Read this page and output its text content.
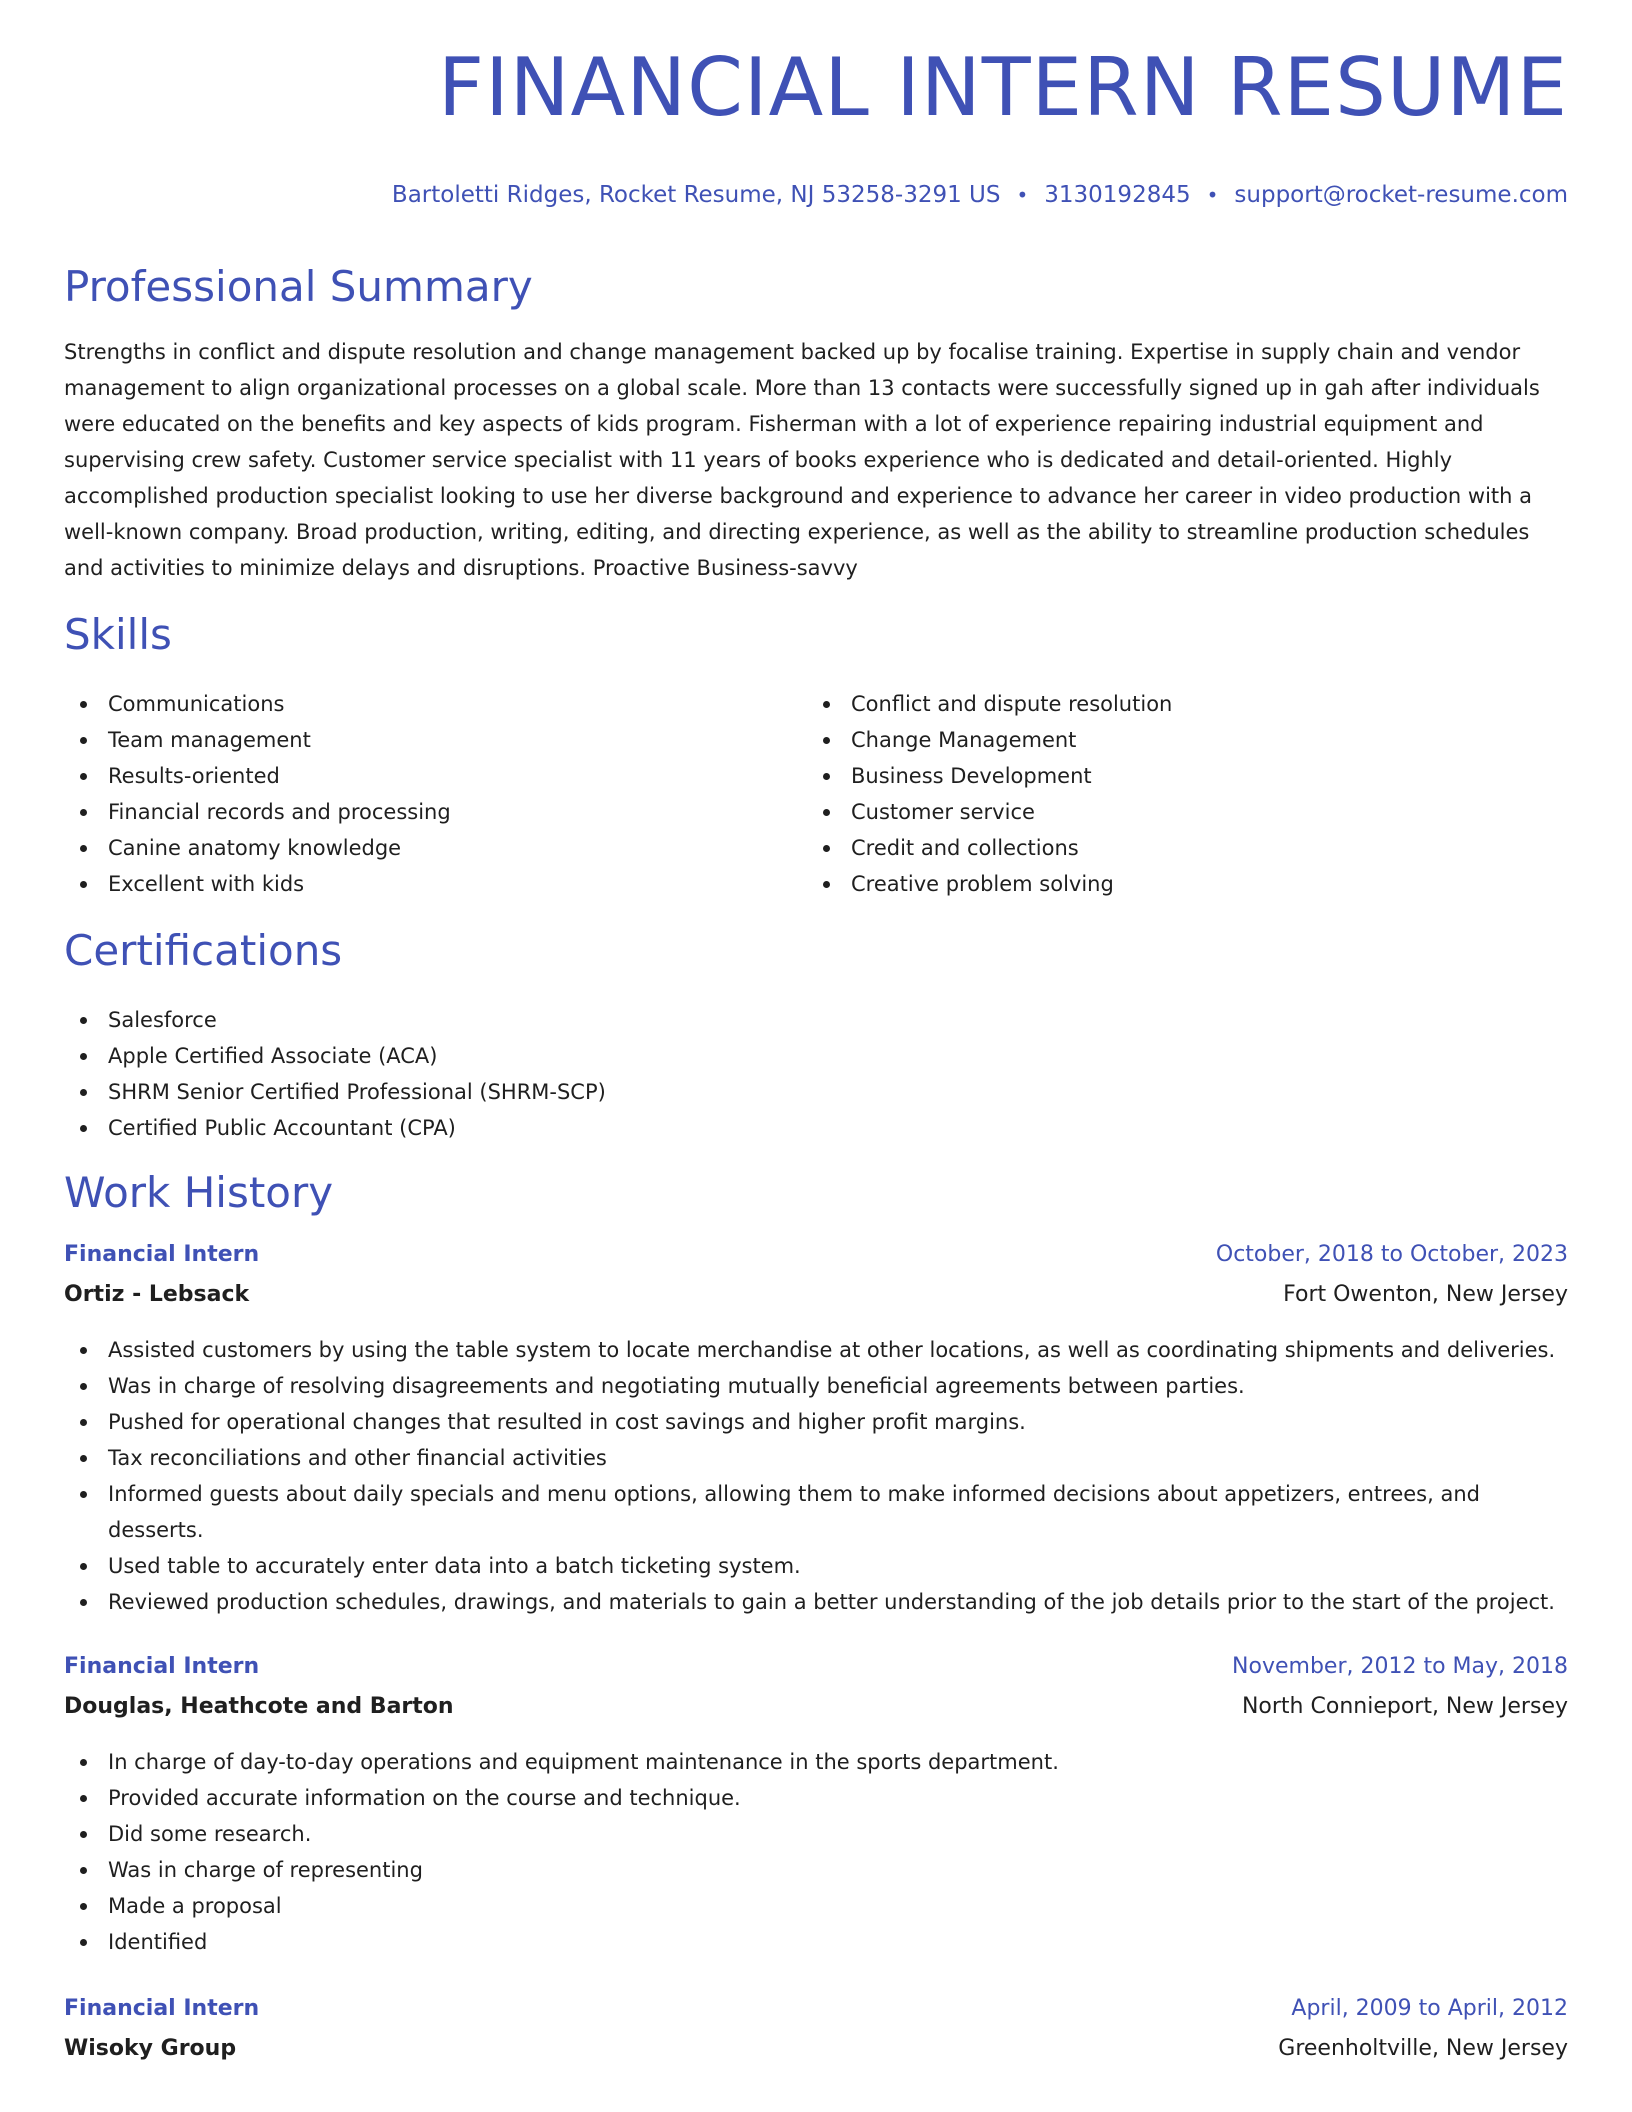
FINANCIAL INTERN RESUME
Bartoletti Ridges, Rocket Resume, NJ 53258-3291 US • 3130192845 • support@rocket-resume.com
Professional Summary

Strengths in conflict and dispute resolution and change management backed up by focalise training. Expertise in supply chain and vendor management to align organizational processes on a global scale. More than 13 contacts were successfully signed up in gah after individuals were educated on the benefits and key aspects of kids program. Fisherman with a lot of experience repairing industrial equipment and supervising crew safety. Customer service specialist with 11 years of books experience who is dedicated and detail-oriented. Highly accomplished production specialist looking to use her diverse background and experience to advance her career in video production with a well-known company. Broad production, writing, editing, and directing experience, as well as the ability to streamline production schedules and activities to minimize delays and disruptions. Proactive Business-savvy

Skills
Communications
Team management
Results-oriented
Financial records and processing
Canine anatomy knowledge
Excellent with kids
Conflict and dispute resolution
Change Management
Business Development
Customer service
Credit and collections
Creative problem solving
Certifications
Salesforce
Apple Certified Associate (ACA)
SHRM Senior Certified Professional (SHRM-SCP)
Certified Public Accountant (CPA)
Work History
Financial Intern	October, 2018 to October, 2023
Ortiz - Lebsack	Fort Owenton, New Jersey
Assisted customers by using the table system to locate merchandise at other locations, as well as coordinating shipments and deliveries.
Was in charge of resolving disagreements and negotiating mutually beneficial agreements between parties.
Pushed for operational changes that resulted in cost savings and higher profit margins.
Tax reconciliations and other financial activities
Informed guests about daily specials and menu options, allowing them to make informed decisions about appetizers, entrees, and desserts.
Used table to accurately enter data into a batch ticketing system.
Reviewed production schedules, drawings, and materials to gain a better understanding of the job details prior to the start of the project.
Financial Intern	November, 2012 to May, 2018
Douglas, Heathcote and Barton	North Connieport, New Jersey
In charge of day-to-day operations and equipment maintenance in the sports department.
Provided accurate information on the course and technique.
Did some research.
Was in charge of representing
Made a proposal
Identified
Financial Intern	April, 2009 to April, 2012
Wisoky Group	Greenholtville, New Jersey
